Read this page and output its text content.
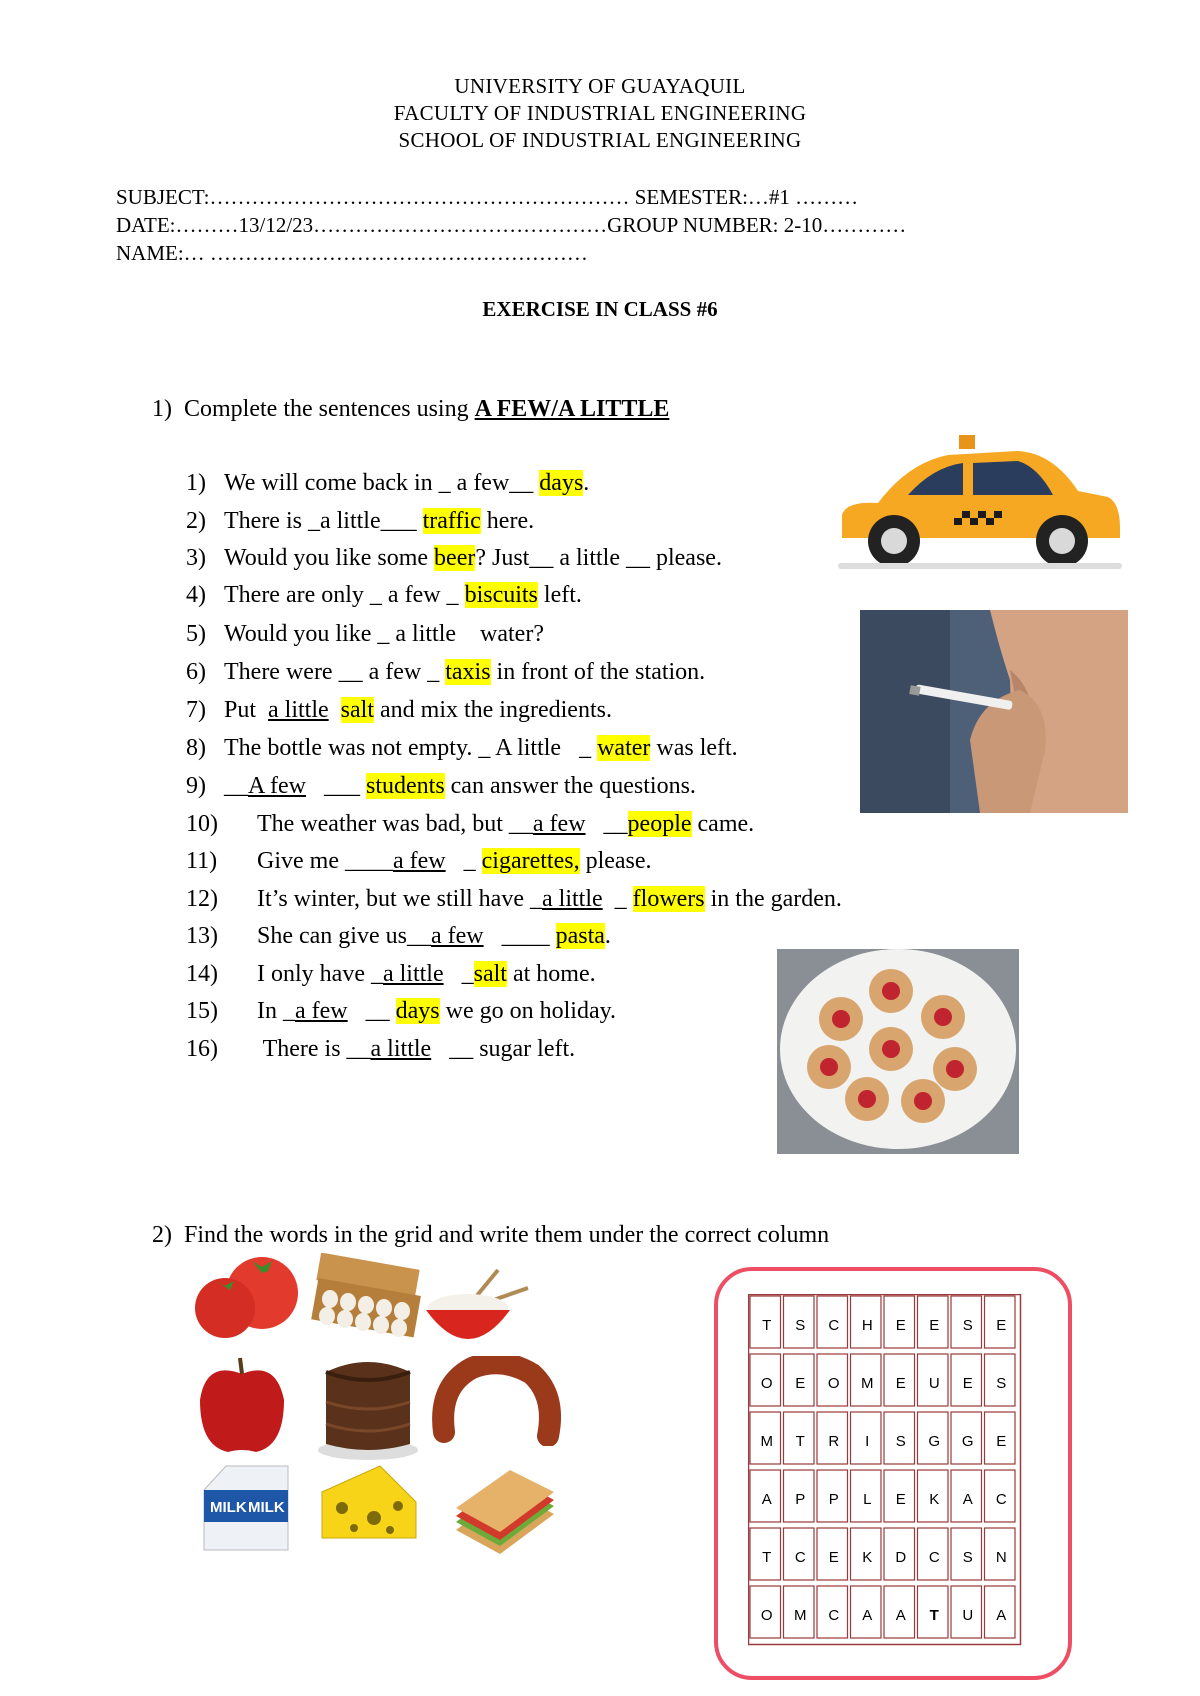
UNIVERSITY OF GUAYAQUIL
FACULTY OF INDUSTRIAL ENGINEERING
SCHOOL OF INDUSTRIAL ENGINEERING
SUBJECT:…………………………………………………… SEMESTER:…#1 ………
DATE:………13/12/23……………………………………GROUP NUMBER: 2-10…………
NAME:… ………………………………………………
EXERCISE IN CLASS #6
1) Complete the sentences using A FEW/A LITTLE
1) We will come back in _ a few__ days.
2) There is _a little___ traffic here.
3) Would you like some beer? Just__ a little __ please.
4) There are only _ a few _ biscuits left.
5) Would you like _ a little    water?
6) There were __ a few _ taxis in front of the station.
7) Put  a little salt and mix the ingredients.
8) The bottle was not empty. _ A little   _ water was left.
9) __A few   ___ students can answer the questions.
10) The weather was bad, but __a few   __people came.
11) Give me ____a few   _ cigarettes, please.
12) It’s winter, but we still have _a little  _ flowers in the garden.
13) She can give us__a few   ____ pasta.
14) I only have _a little   _salt at home.
15) In _a few   __ days we go on holiday.
16) There is __a little   __ sugar left.
2) Find the words in the grid and write them under the correct column
MILK MILK
T	S	C	H	E	E	S	E
O	E	O	M	E	U	E	S
M	T	R	I	S	G	G	E
A	P	P	L	E	K	A	C
T	C	E	K	D	C	S	N
O	M	C	A	A	T	U	A
